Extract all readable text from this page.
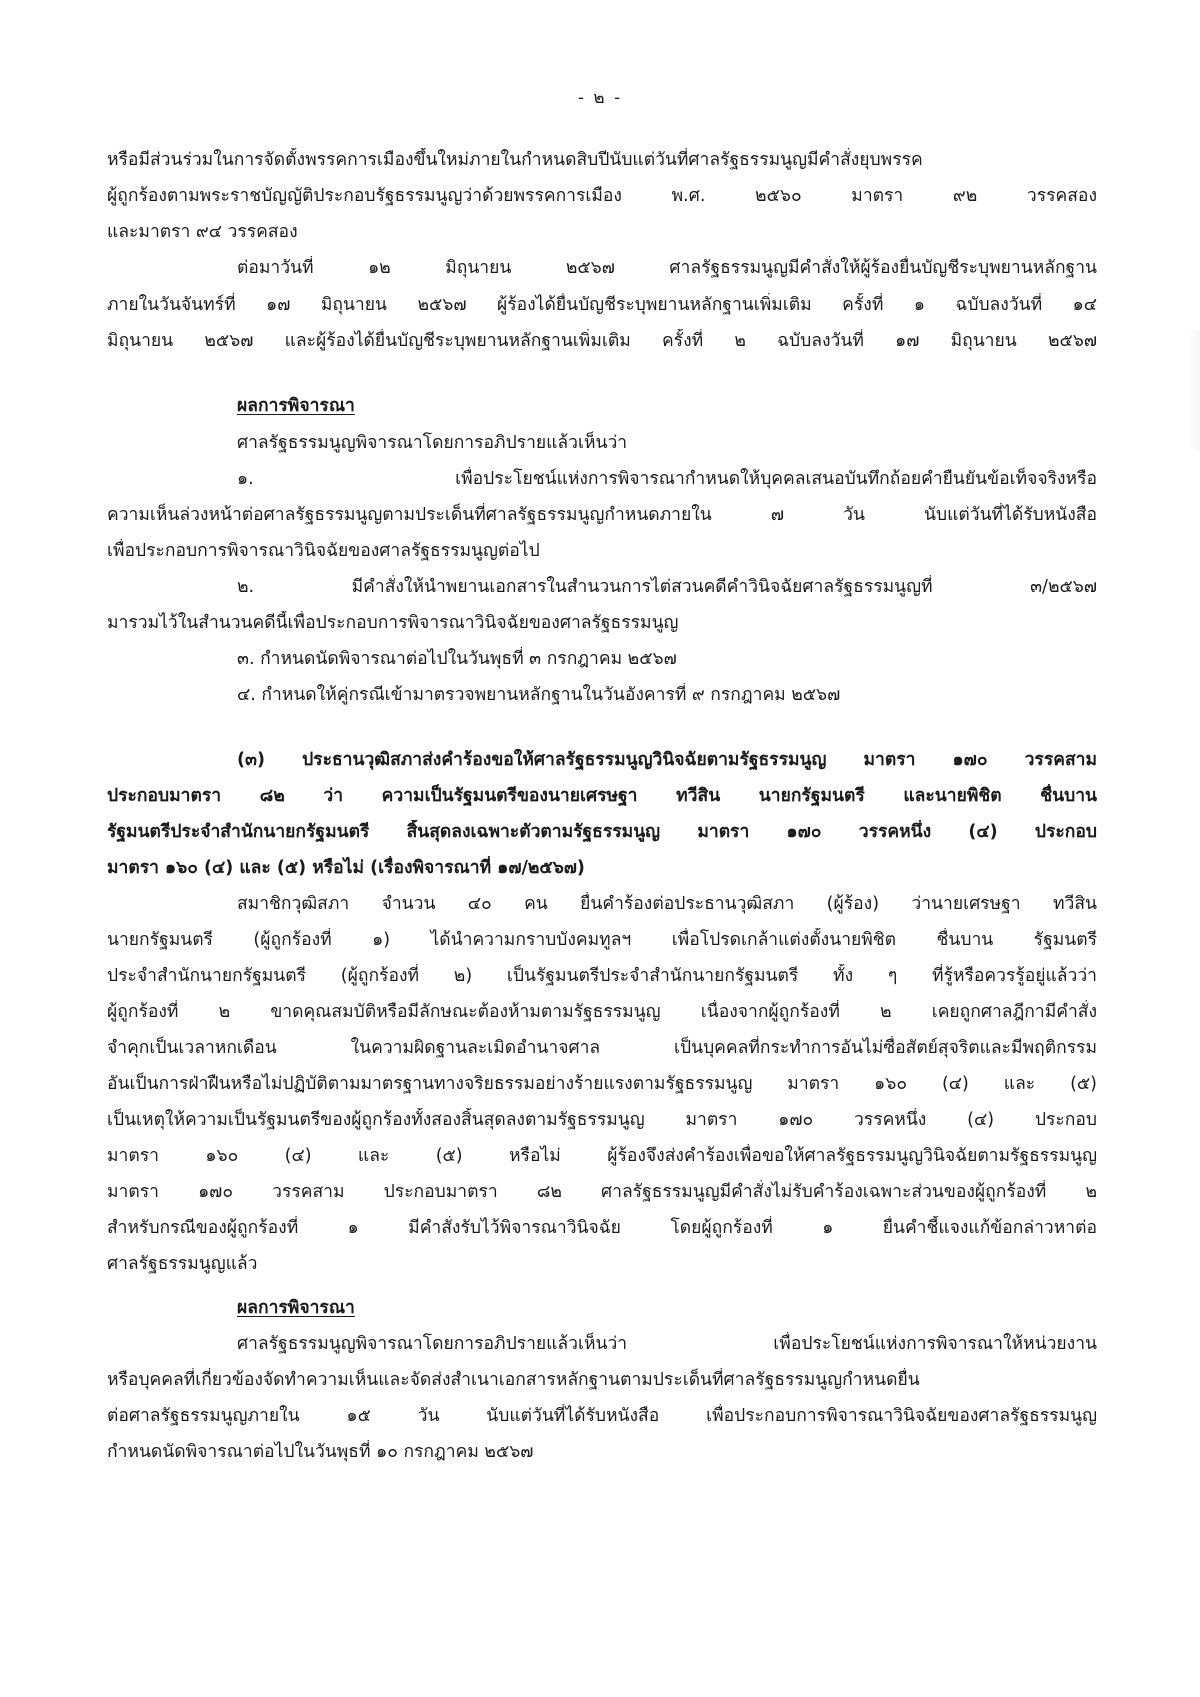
- ๒ -
หรือมีส่วนร่วมในการจัดตั้งพรรคการเมืองขึ้นใหม่ภายในกำหนดสิบปีนับแต่วันที่ศาลรัฐธรรมนูญมีคำสั่งยุบพรรค
ผู้ถูกร้องตามพระราชบัญญัติประกอบรัฐธรรมนูญว่าด้วยพรรคการเมือง พ.ศ. ๒๕๖๐ มาตรา ๙๒ วรรคสอง
และมาตรา ๙๔ วรรคสอง
ต่อมาวันที่ ๑๒ มิถุนายน ๒๕๖๗ ศาลรัฐธรรมนูญมีคำสั่งให้ผู้ร้องยื่นบัญชีระบุพยานหลักฐาน
ภายในวันจันทร์ที่ ๑๗ มิถุนายน ๒๕๖๗ ผู้ร้องได้ยื่นบัญชีระบุพยานหลักฐานเพิ่มเติม ครั้งที่ ๑ ฉบับลงวันที่ ๑๔
มิถุนายน ๒๕๖๗ และผู้ร้องได้ยื่นบัญชีระบุพยานหลักฐานเพิ่มเติม ครั้งที่ ๒ ฉบับลงวันที่ ๑๗ มิถุนายน ๒๕๖๗
ผลการพิจารณา
ศาลรัฐธรรมนูญพิจารณาโดยการอภิปรายแล้วเห็นว่า
๑. เพื่อประโยชน์แห่งการพิจารณากำหนดให้บุคคลเสนอบันทึกถ้อยคำยืนยันข้อเท็จจริงหรือ
ความเห็นล่วงหน้าต่อศาลรัฐธรรมนูญตามประเด็นที่ศาลรัฐธรรมนูญกำหนดภายใน ๗ วัน นับแต่วันที่ได้รับหนังสือ
เพื่อประกอบการพิจารณาวินิจฉัยของศาลรัฐธรรมนูญต่อไป
๒. มีคำสั่งให้นำพยานเอกสารในสำนวนการไต่สวนคดีคำวินิจฉัยศาลรัฐธรรมนูญที่ ๓/๒๕๖๗
มารวมไว้ในสำนวนคดีนี้เพื่อประกอบการพิจารณาวินิจฉัยของศาลรัฐธรรมนูญ
๓. กำหนดนัดพิจารณาต่อไปในวันพุธที่ ๓ กรกฎาคม ๒๕๖๗
๔. กำหนดให้คู่กรณีเข้ามาตรวจพยานหลักฐานในวันอังคารที่ ๙ กรกฎาคม ๒๕๖๗
(๓) ประธานวุฒิสภาส่งคำร้องขอให้ศาลรัฐธรรมนูญวินิจฉัยตามรัฐธรรมนูญ มาตรา ๑๗๐ วรรคสาม
ประกอบมาตรา ๘๒ ว่า ความเป็นรัฐมนตรีของนายเศรษฐา ทวีสิน นายกรัฐมนตรี และนายพิชิต ชื่นบาน
รัฐมนตรีประจำสำนักนายกรัฐมนตรี สิ้นสุดลงเฉพาะตัวตามรัฐธรรมนูญ มาตรา ๑๗๐ วรรคหนึ่ง (๔) ประกอบ
มาตรา ๑๖๐ (๔) และ (๕) หรือไม่ (เรื่องพิจารณาที่ ๑๗/๒๕๖๗)
สมาชิกวุฒิสภา จำนวน ๔๐ คน ยื่นคำร้องต่อประธานวุฒิสภา (ผู้ร้อง) ว่านายเศรษฐา ทวีสิน
นายกรัฐมนตรี (ผู้ถูกร้องที่ ๑) ได้นำความกราบบังคมทูลฯ เพื่อโปรดเกล้าแต่งตั้งนายพิชิต ชื่นบาน รัฐมนตรี
ประจำสำนักนายกรัฐมนตรี (ผู้ถูกร้องที่ ๒) เป็นรัฐมนตรีประจำสำนักนายกรัฐมนตรี ทั้ง ๆ ที่รู้หรือควรรู้อยู่แล้วว่า
ผู้ถูกร้องที่ ๒ ขาดคุณสมบัติหรือมีลักษณะต้องห้ามตามรัฐธรรมนูญ เนื่องจากผู้ถูกร้องที่ ๒ เคยถูกศาลฎีกามีคำสั่ง
จำคุกเป็นเวลาหกเดือน ในความผิดฐานละเมิดอำนาจศาล เป็นบุคคลที่กระทำการอันไม่ซื่อสัตย์สุจริตและมีพฤติกรรม
อันเป็นการฝ่าฝืนหรือไม่ปฏิบัติตามมาตรฐานทางจริยธรรมอย่างร้ายแรงตามรัฐธรรมนูญ มาตรา ๑๖๐ (๔) และ (๕)
เป็นเหตุให้ความเป็นรัฐมนตรีของผู้ถูกร้องทั้งสองสิ้นสุดลงตามรัฐธรรมนูญ มาตรา ๑๗๐ วรรคหนึ่ง (๔) ประกอบ
มาตรา ๑๖๐ (๔) และ (๕) หรือไม่ ผู้ร้องจึงส่งคำร้องเพื่อขอให้ศาลรัฐธรรมนูญวินิจฉัยตามรัฐธรรมนูญ
มาตรา ๑๗๐ วรรคสาม ประกอบมาตรา ๘๒ ศาลรัฐธรรมนูญมีคำสั่งไม่รับคำร้องเฉพาะส่วนของผู้ถูกร้องที่ ๒
สำหรับกรณีของผู้ถูกร้องที่ ๑ มีคำสั่งรับไว้พิจารณาวินิจฉัย โดยผู้ถูกร้องที่ ๑ ยื่นคำชี้แจงแก้ข้อกล่าวหาต่อ
ศาลรัฐธรรมนูญแล้ว
ผลการพิจารณา
ศาลรัฐธรรมนูญพิจารณาโดยการอภิปรายแล้วเห็นว่า เพื่อประโยชน์แห่งการพิจารณาให้หน่วยงาน
หรือบุคคลที่เกี่ยวข้องจัดทำความเห็นและจัดส่งสำเนาเอกสารหลักฐานตามประเด็นที่ศาลรัฐธรรมนูญกำหนดยื่น
ต่อศาลรัฐธรรมนูญภายใน ๑๕ วัน นับแต่วันที่ได้รับหนังสือ เพื่อประกอบการพิจารณาวินิจฉัยของศาลรัฐธรรมนูญ
กำหนดนัดพิจารณาต่อไปในวันพุธที่ ๑๐ กรกฎาคม ๒๕๖๗
